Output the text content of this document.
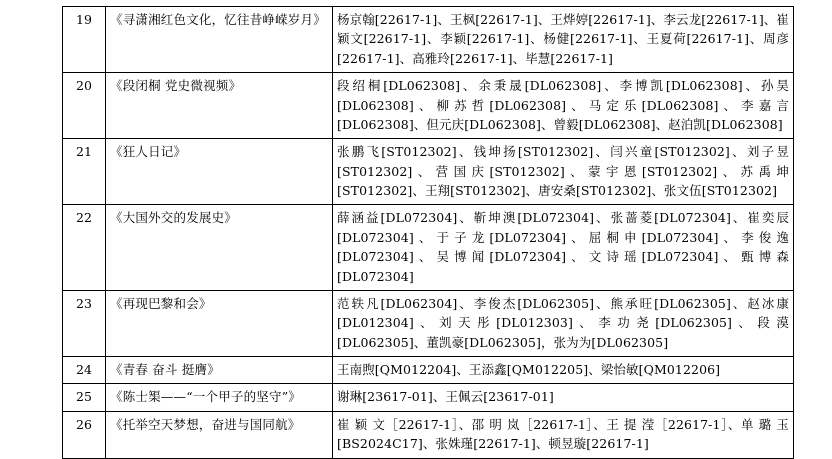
19	《寻潇湘红色文化，忆往昔峥嵘岁月》	杨京翰[22617-1]、王枫[22617-1]、王烨婷[22617-1]、李云龙[22617-1]、崔颖文[22617-1]、李颖[22617-1]、杨健[22617-1]、王夏荷[22617-1]、周彦[22617-1]、高雅玲[22617-1]、毕慧[22617-1]
20	《段闭桐 党史微视频》	段绍桐[DL062308]、余秉晟[DL062308]、李博凯[DL062308]、孙昊[DL062308]、柳苏哲[DL062308]、马定乐[DL062308]、李嘉言[DL062308]、但元庆[DL062308]、曾毅[DL062308]、赵泊凯[DL062308]
21	《狂人日记》	张鹏飞[ST012302]、钱坤扬[ST012302]、闫兴童[ST012302]、刘子昱[ST012302]、营国庆[ST012302]、蒙宇恩[ST012302]、苏禹坤[ST012302]、王翔[ST012302]、唐安桑[ST012302]、张文伍[ST012302]
22	《大国外交的发展史》	薛涵益[DL072304]、靳坤澳[DL072304]、张蔷菱[DL072304]、崔奕辰[DL072304]、于子龙[DL072304]、屈桐申[DL072304]、李俊逸[DL072304]、吴博闻[DL072304]、文诗瑶[DL072304]、甄博森[DL072304]
23	《再现巴黎和会》	范轶凡[DL062304]、李俊杰[DL062305]、熊承旺[DL062305]、赵冰康[DL012304]、刘天彤[DL012303]、李功尧[DL062305]、段漠[DL062305]、董凯豪[DL062305]，张为为[DL062305]
24	《青春 奋斗 挺膺》	王南煦[QM012204]、王添鑫[QM012205]、梁怡敏[QM012206]
25	《陈士榘——“一个甲子的坚守”》	谢琳[23617-01]、王佩云[23617-01]
26	《托举空天梦想，奋进与国同航》	崔 颖 文［22617-1］、邵 明 岚［22617-1］、王 提 滢［22617-1］、单 璐 玉[BS2024C17]、张姝瑾[22617-1]、顿昱璇[22617-1]
